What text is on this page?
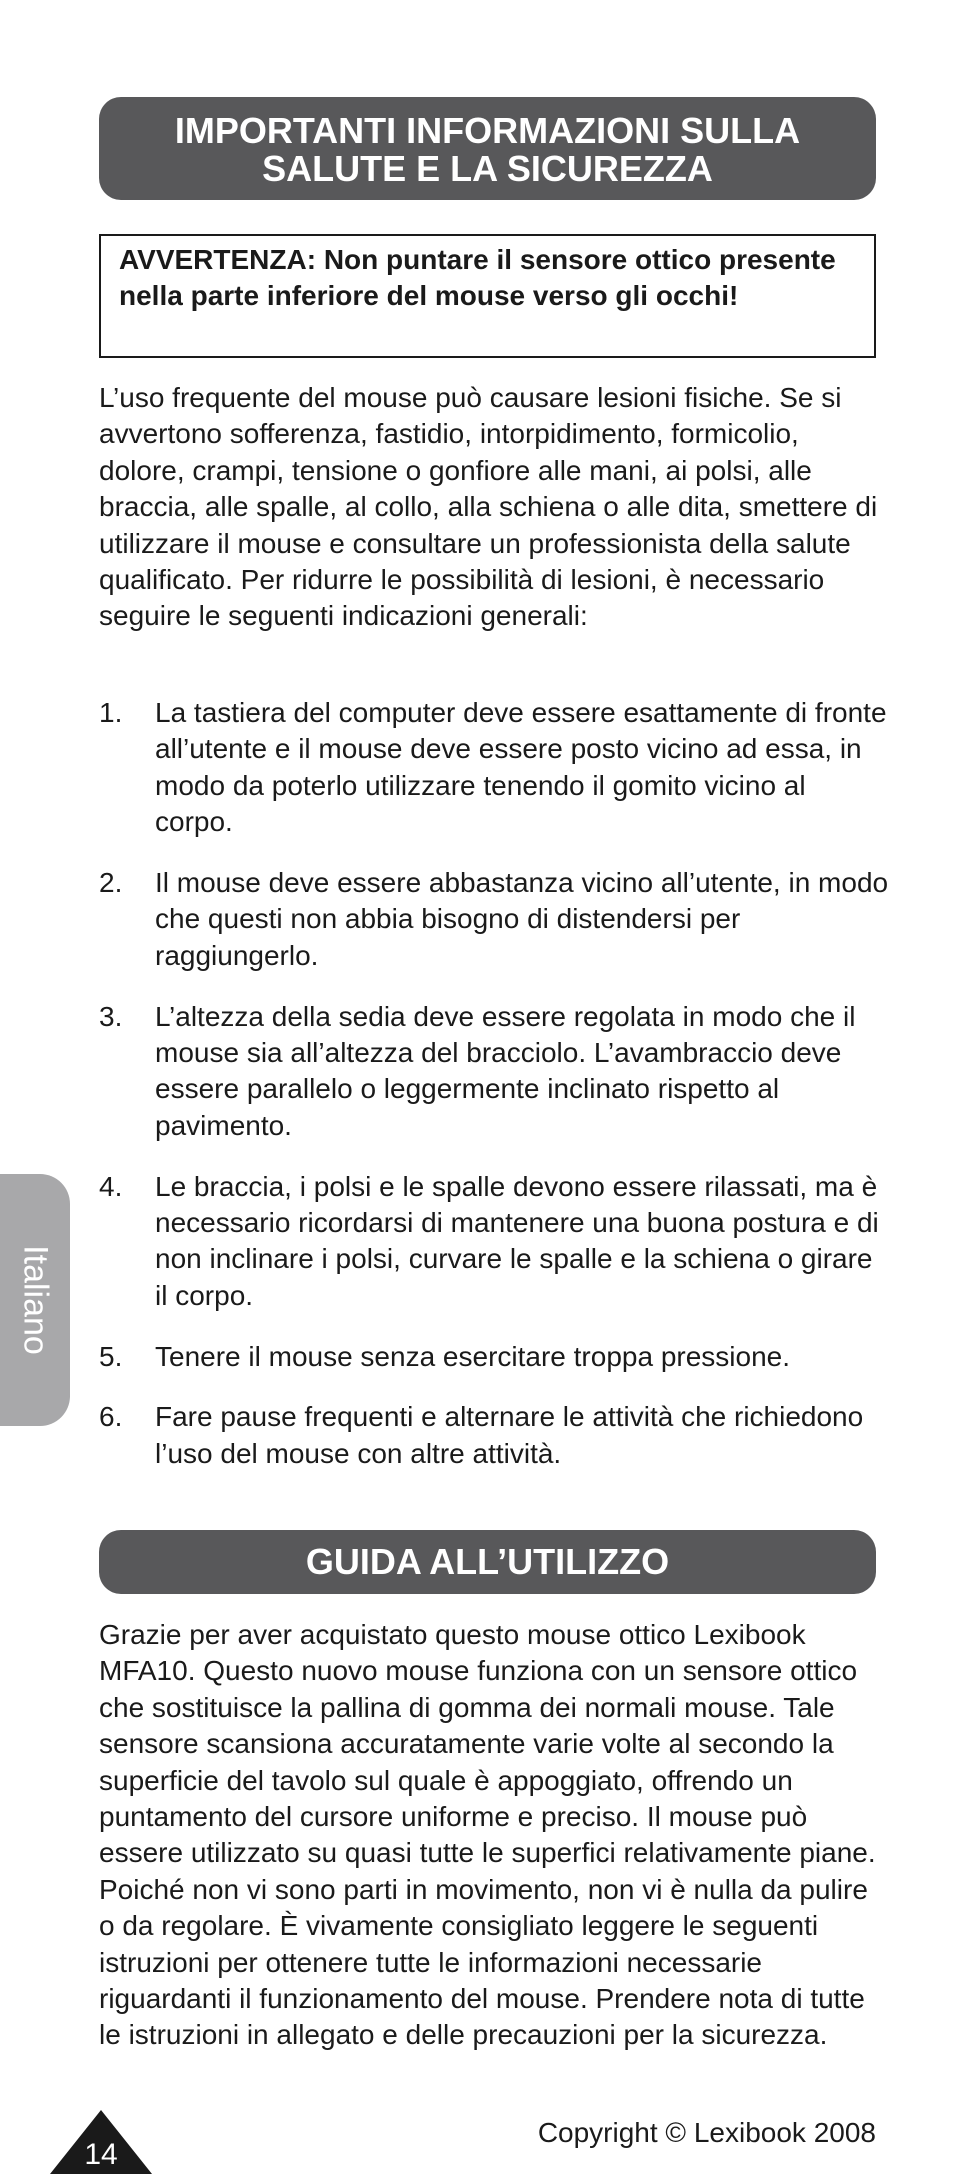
IMPORTANTI INFORMAZIONI SULLA
SALUTE E LA SICUREZZA
AVVERTENZA: Non puntare il sensore ottico presente nella parte inferiore del mouse verso gli occhi!

L’uso frequente del mouse può causare lesioni fisiche. Se si avvertono sofferenza, fastidio, intorpidimento, formicolio, dolore, crampi, tensione o gonfiore alle mani, ai polsi, alle braccia, alle spalle, al collo, alla schiena o alle dita, smettere di utilizzare il mouse e consultare un professionista della salute qualificato. Per ridurre le possibilità di lesioni, è necessario seguire le seguenti indicazioni generali:

1. La tastiera del computer deve essere esattamente di fronte all’utente e il mouse deve essere posto vicino ad essa, in modo da poterlo utilizzare tenendo il gomito vicino al corpo.
2. Il mouse deve essere abbastanza vicino all’utente, in modo che questi non abbia bisogno di distendersi per raggiungerlo.
3. L’altezza della sedia deve essere regolata in modo che il mouse sia all’altezza del bracciolo. L’avambraccio deve essere parallelo o leggermente inclinato rispetto al pavimento.
4. Le braccia, i polsi e le spalle devono essere rilassati, ma è necessario ricordarsi di mantenere una buona postura e di non inclinare i polsi, curvare le spalle e la schiena o girare il corpo.
5. Tenere il mouse senza esercitare troppa pressione.
6. Fare pause frequenti e alternare le attività che richiedono l’uso del mouse con altre attività.
GUIDA ALL’UTILIZZO

Grazie per aver acquistato questo mouse ottico Lexibook MFA10. Questo nuovo mouse funziona con un sensore ottico che sostituisce la pallina di gomma dei normali mouse. Tale sensore scansiona accuratamente varie volte al secondo la superficie del tavolo sul quale è appoggiato, offrendo un puntamento del cursore uniforme e preciso. Il mouse può essere utilizzato su quasi tutte le superfici relativamente piane. Poiché non vi sono parti in movimento, non vi è nulla da pulire o da regolare. È vivamente consigliato leggere le seguenti istruzioni per ottenere tutte le informazioni necessarie riguardanti il funzionamento del mouse. Prendere nota di tutte le istruzioni in allegato e delle precauzioni per la sicurezza.

Italiano
14
Copyright © Lexibook 2008
